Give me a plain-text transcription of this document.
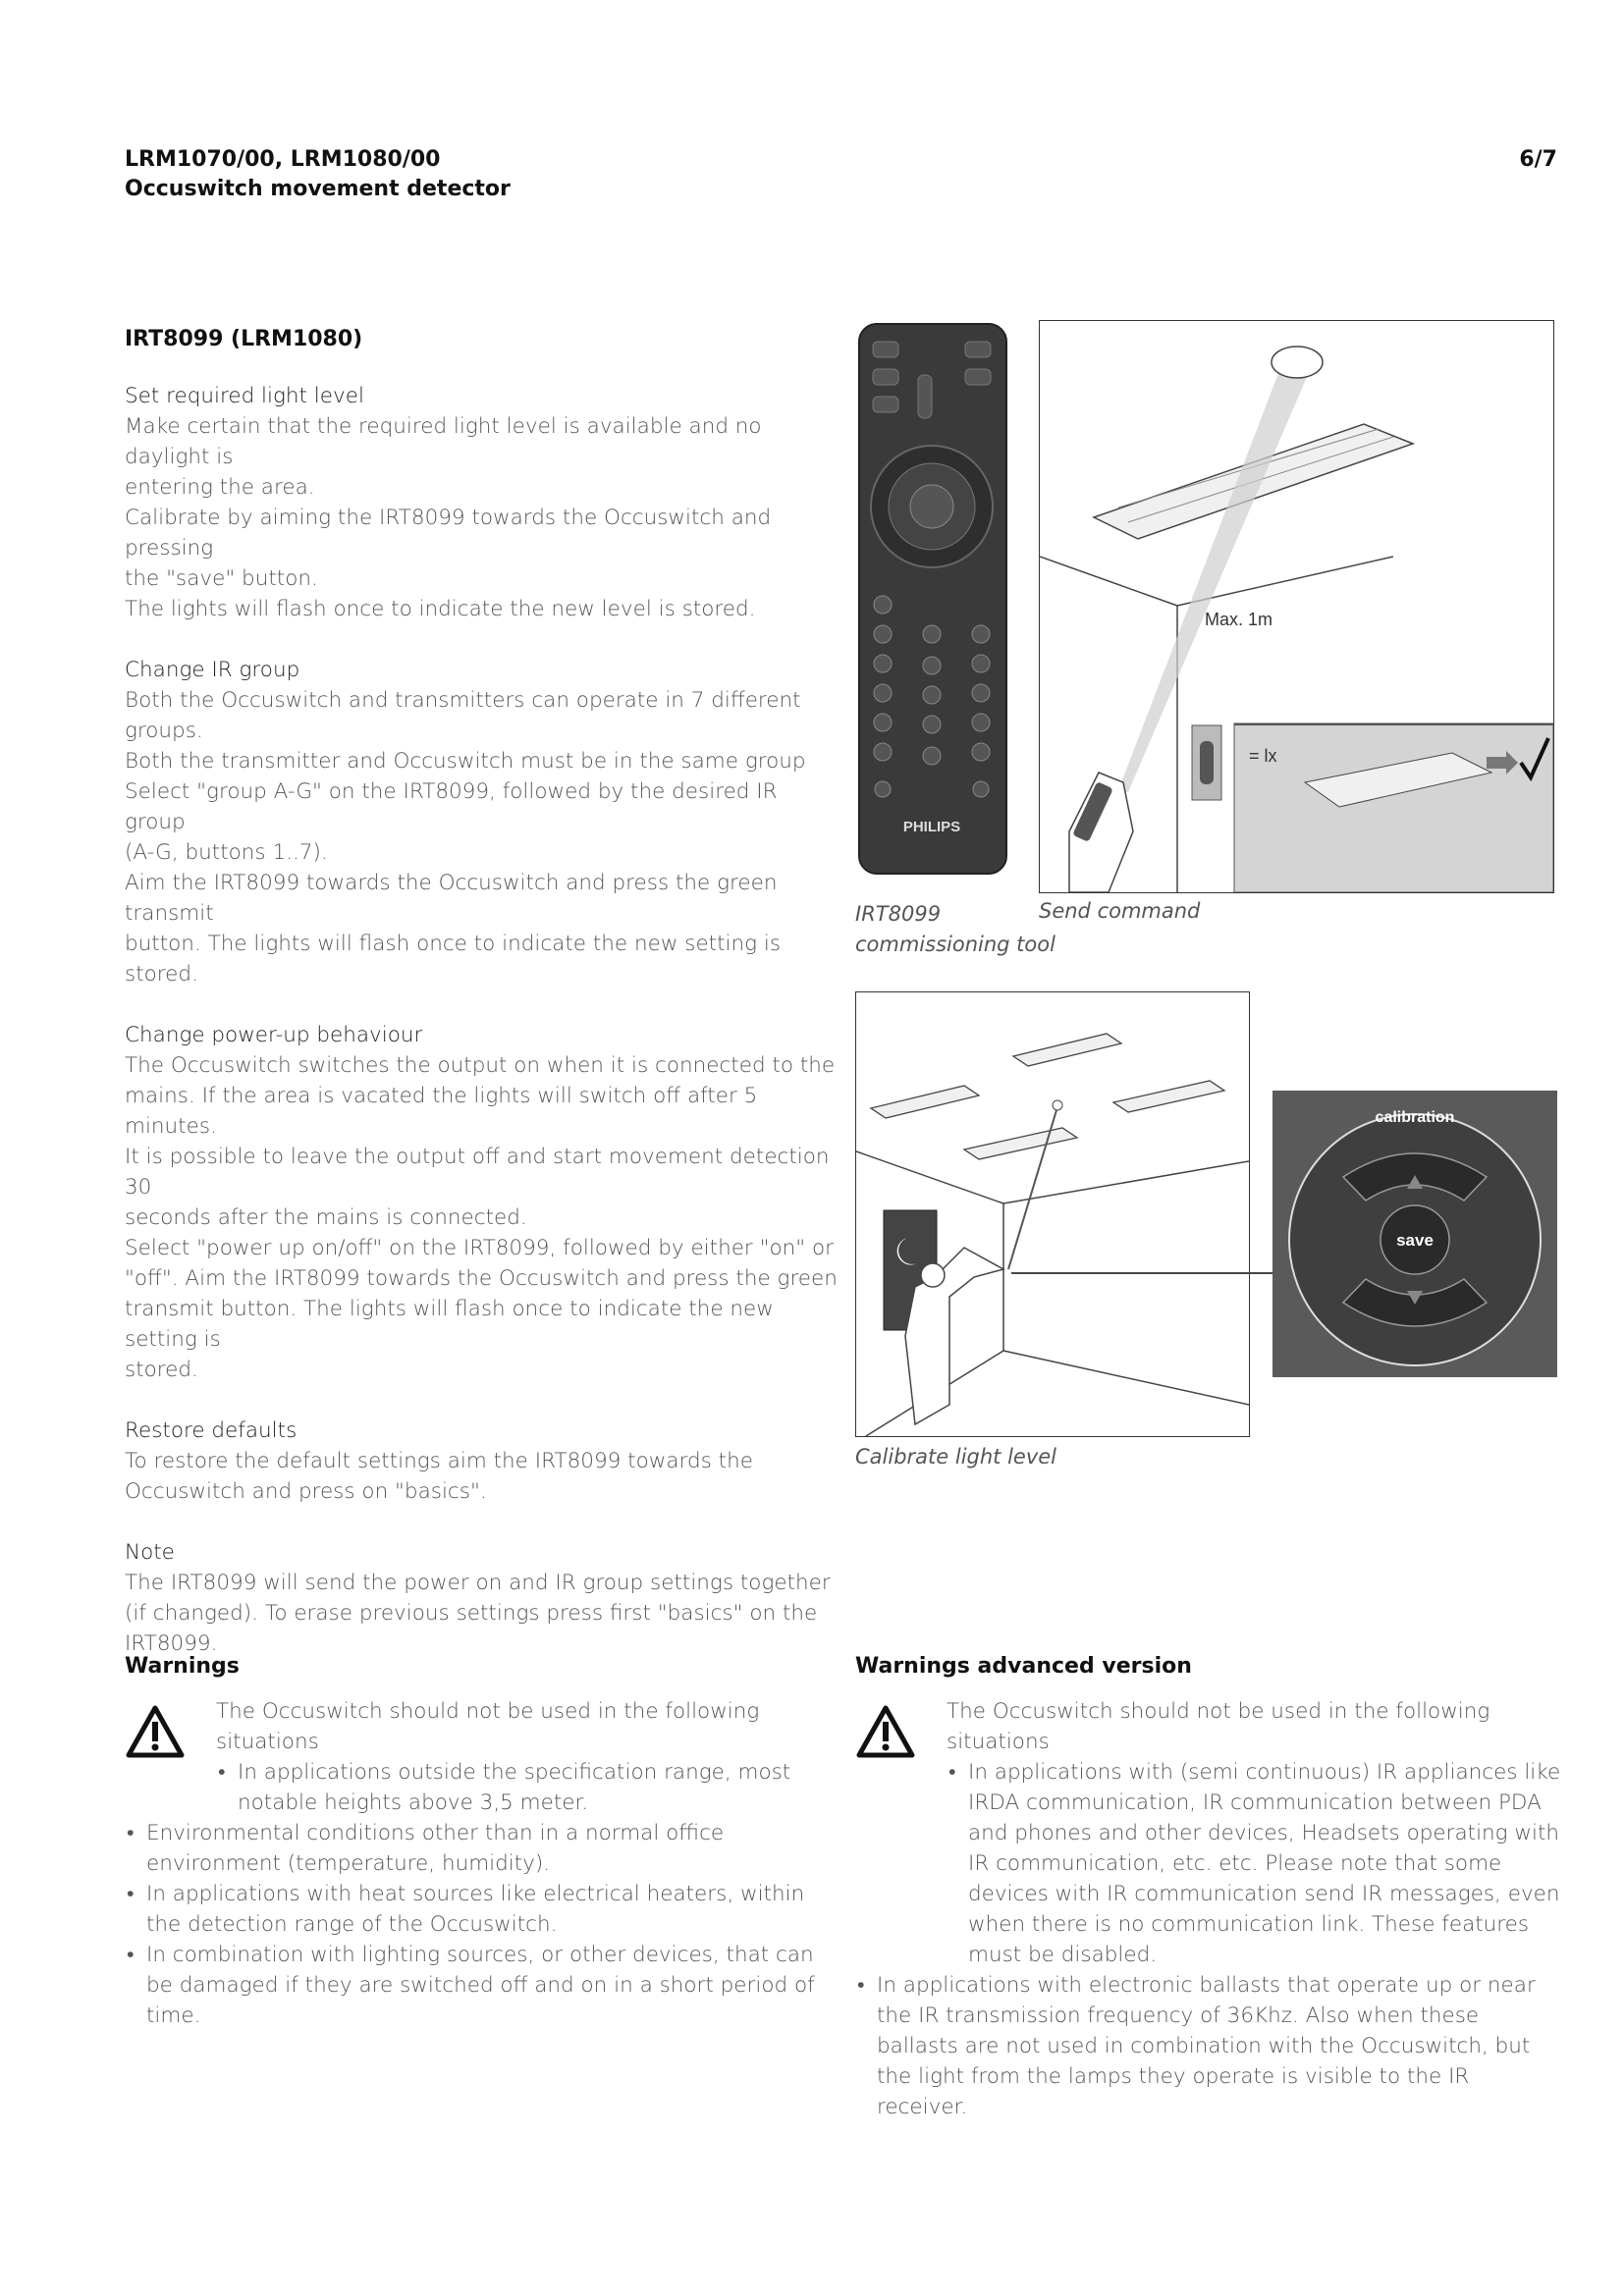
LRM1070/00, LRM1080/00
Occuswitch movement detector
6/7
IRT8099 (LRM1080)
Set required light level
Make certain that the required light level is available and no daylight is
entering the area.
Calibrate by aiming the IRT8099 towards the Occuswitch and pressing
the "save" button.
The lights will flash once to indicate the new level is stored.
Change IR group
Both the Occuswitch and transmitters can operate in 7 different groups.
Both the transmitter and Occuswitch must be in the same group
Select "group A-G" on the IRT8099, followed by the desired IR group
(A-G, buttons 1..7).
Aim the IRT8099 towards the Occuswitch and press the green transmit
button. The lights will flash once to indicate the new setting is stored.
Change power-up behaviour
The Occuswitch switches the output on when it is connected to the
mains. If the area is vacated the lights will switch off after 5 minutes.
It is possible to leave the output off and start movement detection 30
seconds after the mains is connected.
Select "power up on/off" on the IRT8099, followed by either "on" or
"off". Aim the IRT8099 towards the Occuswitch and press the green
transmit button. The lights will flash once to indicate the new setting is
stored.
Restore defaults
To restore the default settings aim the IRT8099 towards the
Occuswitch and press on "basics".
Note
The IRT8099 will send the power on and IR group settings together
(if changed). To erase previous settings press first "basics" on the
IRT8099.
PHILIPS
IRT8099
commissioning tool
Max. 1m
= lx
Send command
Calibrate light level
calibration
save
Warnings
The Occuswitch should not be used in the following situations
• In applications outside the specification range, most notable heights above 3,5 meter.
• Environmental conditions other than in a normal office environment (temperature, humidity).
• In applications with heat sources like electrical heaters, within the detection range of the Occuswitch.
• In combination with lighting sources, or other devices, that can be damaged if they are switched off and on in a short period of time.
Warnings advanced version
The Occuswitch should not be used in the following situations
• In applications with (semi continuous) IR appliances like IRDA communication, IR communication between PDA and phones and other devices, Headsets operating with IR communication, etc. etc. Please note that some devices with IR communication send IR messages, even when there is no communication link. These features must be disabled.
• In applications with electronic ballasts that operate up or near the IR transmission frequency of 36Khz. Also when these ballasts are not used in combination with the Occuswitch, but the light from the lamps they operate is visible to the IR receiver.
